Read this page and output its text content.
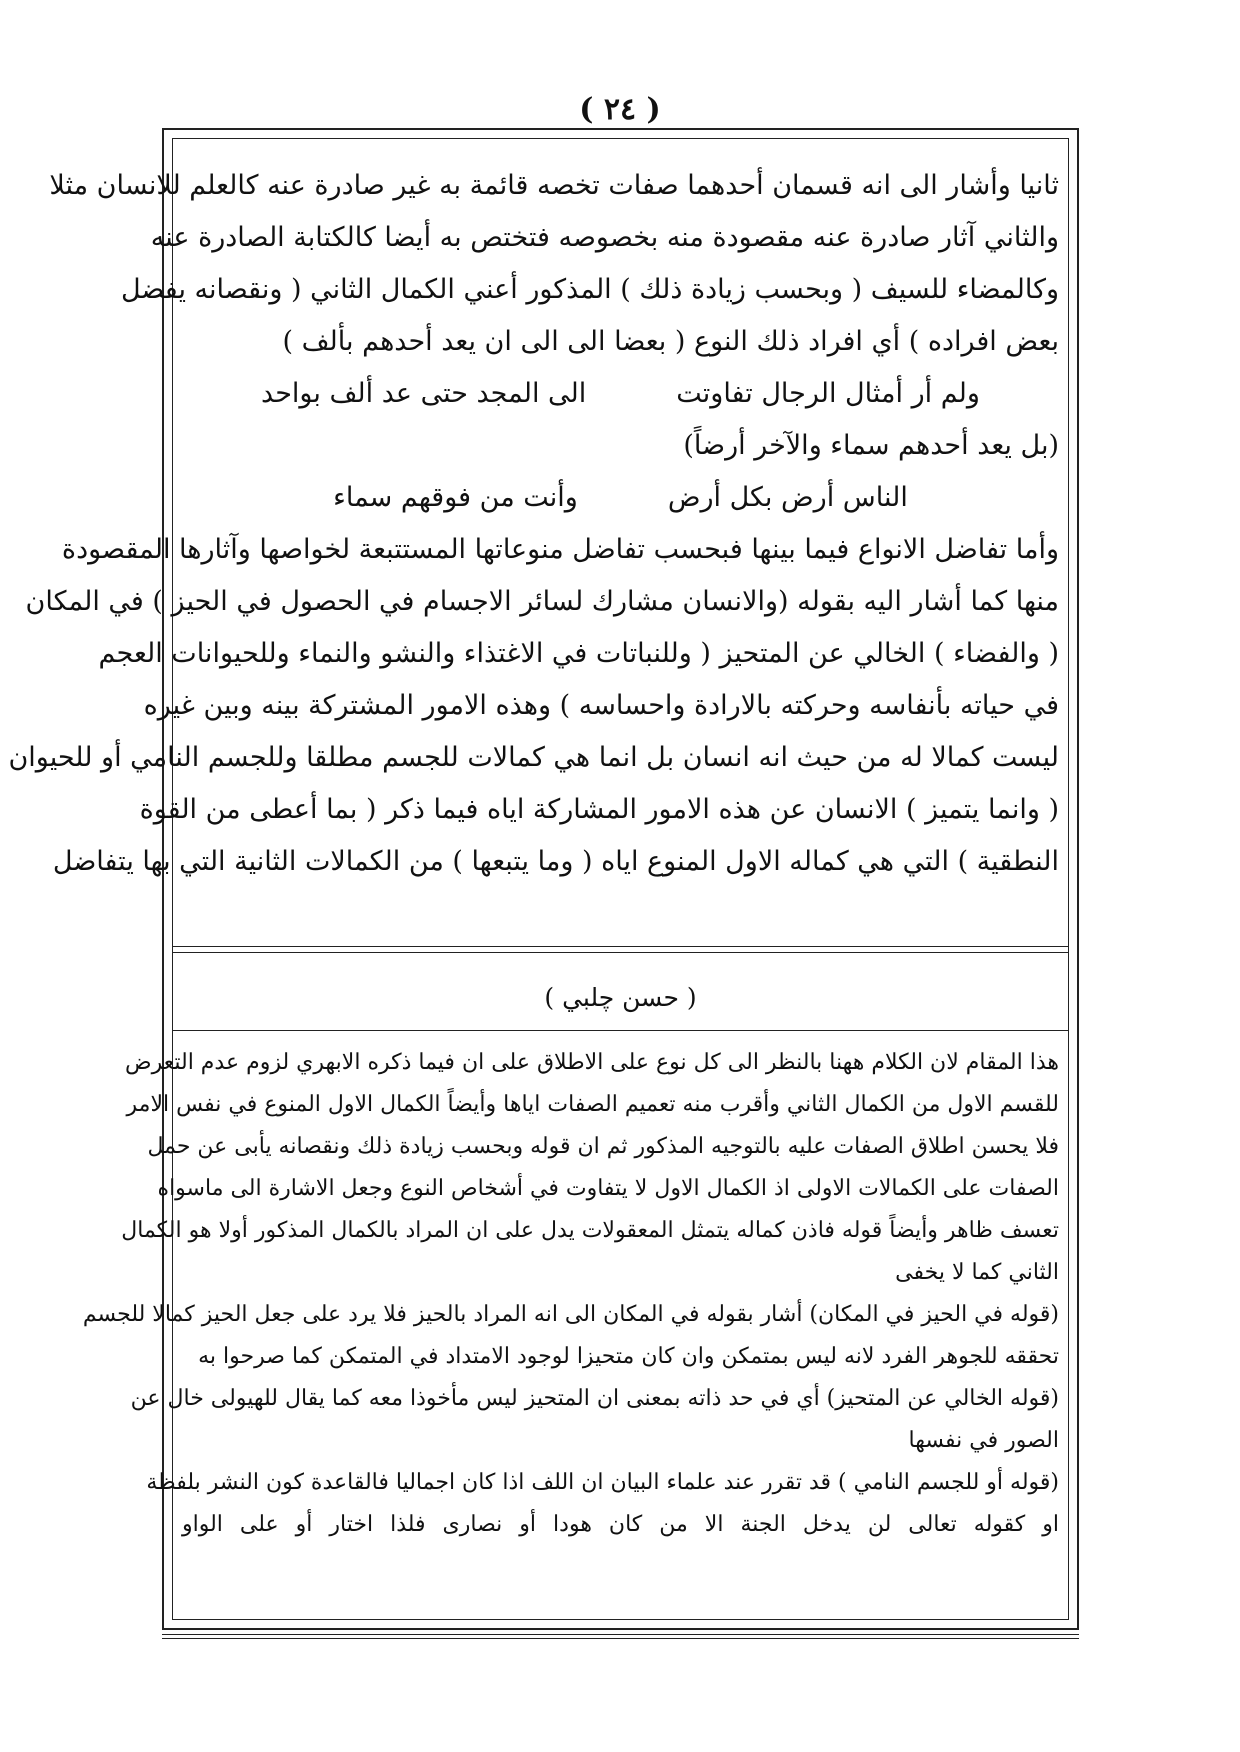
( ٢٤ )
ثانيا وأشار الى انه قسمان أحدهما صفات تخصه قائمة به غير صادرة عنه كالعلم للانسان مثلا
والثاني آثار صادرة عنه مقصودة منه بخصوصه فتختص به أيضا كالكتابة الصادرة عنه
وكالمضاء للسيف ( وبحسب زيادة ذلك ) المذكور أعني الكمال الثاني ( ونقصانه يفضل
بعض افراده ) أي افراد ذلك النوع ( بعضا الى الى ان يعد أحدهم بألف )
ولم أر أمثال الرجال تفاوتت
الى المجد حتى عد ألف بواحد
(بل يعد أحدهم سماء والآخر أرضاً)
الناس أرض بكل أرض
وأنت من فوقهم سماء
وأما تفاضل الانواع فيما بينها فبحسب تفاضل منوعاتها المستتبعة لخواصها وآثارها المقصودة
منها كما أشار اليه بقوله (والانسان مشارك لسائر الاجسام في الحصول في الحيز ) في المكان
( والفضاء ) الخالي عن المتحيز ( وللنباتات في الاغتذاء والنشو والنماء وللحيوانات العجم
في حياته بأنفاسه وحركته بالارادة واحساسه ) وهذه الامور المشتركة بينه وبين غيره
ليست كمالا له من حيث انه انسان بل انما هي كمالات للجسم مطلقا وللجسم النامي أو للحيوان
( وانما يتميز ) الانسان عن هذه الامور المشاركة اياه فيما ذكر ( بما أعطى من القوة
النطقية ) التي هي كماله الاول المنوع اياه ( وما يتبعها ) من الكمالات الثانية التي بها يتفاضل
( حسن چلبي )
هذا المقام لان الكلام ههنا بالنظر الى كل نوع على الاطلاق على ان فيما ذكره الابهري لزوم عدم التعرض
للقسم الاول من الكمال الثاني وأقرب منه تعميم الصفات اياها وأيضاً الكمال الاول المنوع في نفس الامر
فلا يحسن اطلاق الصفات عليه بالتوجيه المذكور ثم ان قوله وبحسب زيادة ذلك ونقصانه يأبى عن حمل
الصفات على الكمالات الاولى اذ الكمال الاول لا يتفاوت في أشخاص النوع وجعل الاشارة الى ماسواه
تعسف ظاهر وأيضاً قوله فاذن كماله يتمثل المعقولات يدل على ان المراد بالكمال المذكور أولا هو الكمال
الثاني كما لا يخفى
(قوله في الحيز في المكان) أشار بقوله في المكان الى انه المراد بالحيز فلا يرد على جعل الحيز كمالا للجسم
تحققه للجوهر الفرد لانه ليس بمتمكن وان كان متحيزا لوجود الامتداد في المتمكن كما صرحوا به
(قوله الخالي عن المتحيز) أي في حد ذاته بمعنى ان المتحيز ليس مأخوذا معه كما يقال للهيولى خال عن
الصور في نفسها
(قوله أو للجسم النامي ) قد تقرر عند علماء البيان ان اللف اذا كان اجماليا فالقاعدة كون النشر بلفظة
او كقوله تعالى لن يدخل الجنة الا من كان هودا أو نصارى فلذا اختار أو على الواو
